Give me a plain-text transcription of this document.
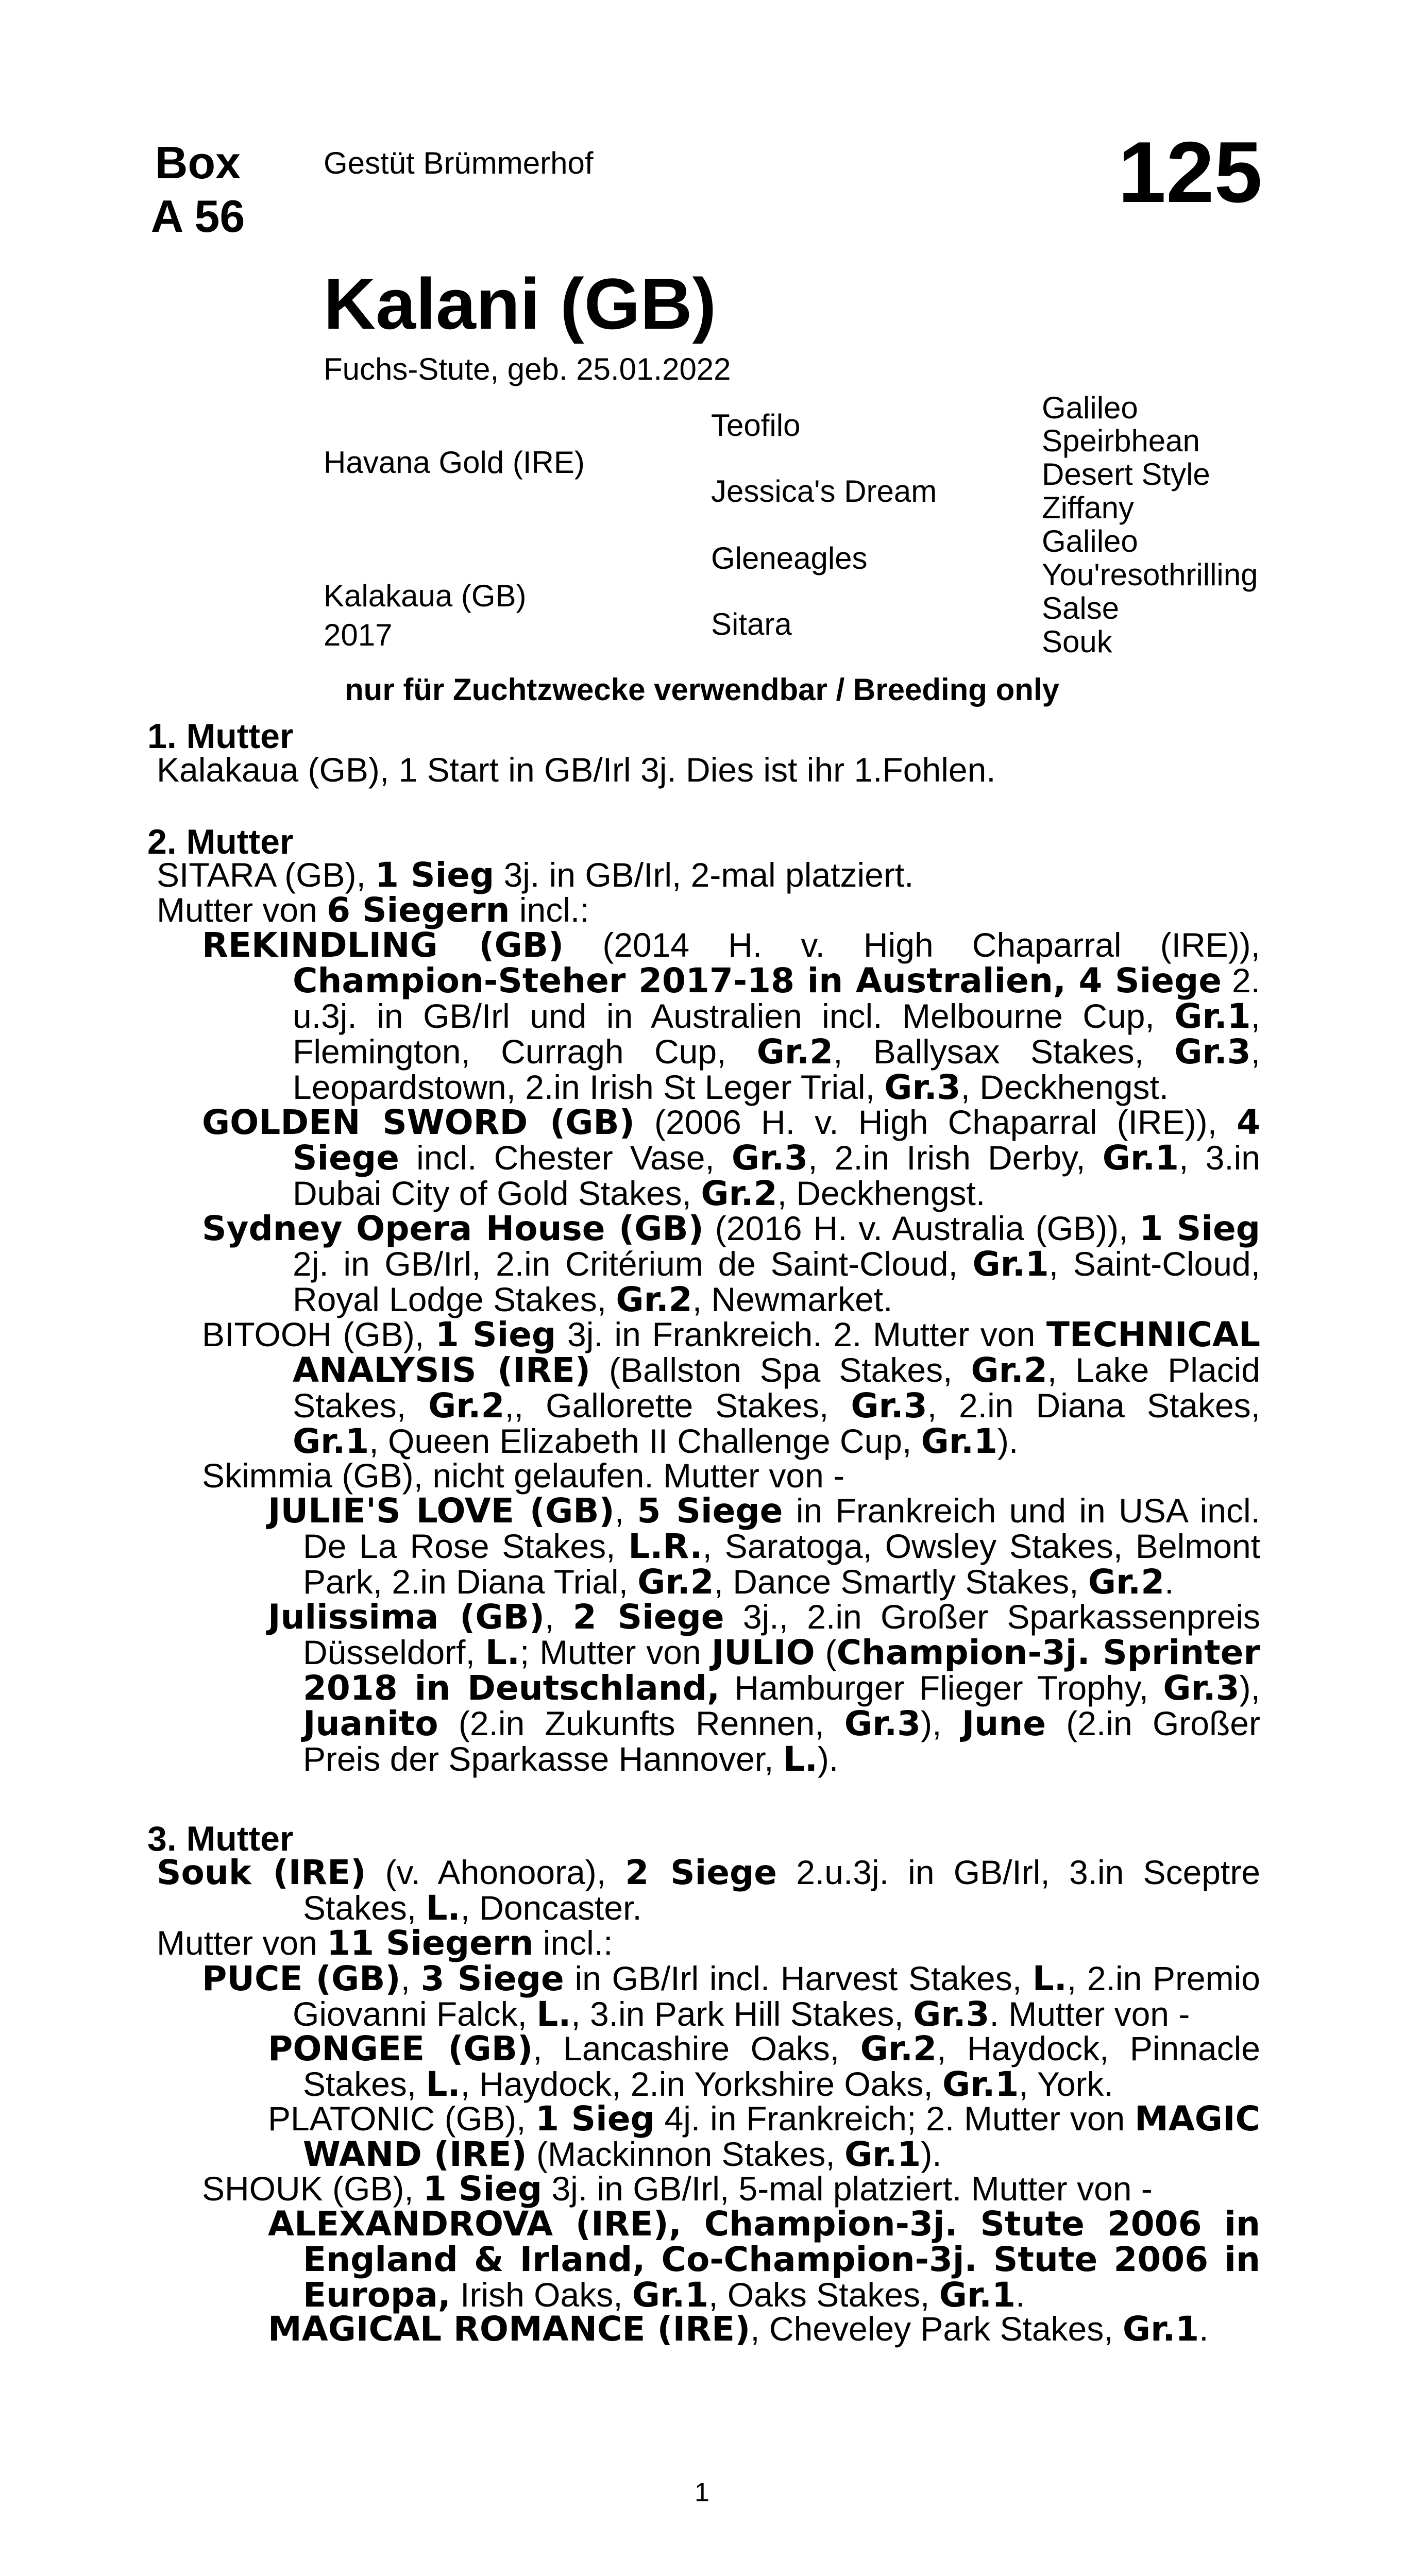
Box
A 56
Gestüt Brümmerhof	125
Kalani (GB)
Fuchs-Stute, geb. 25.01.2022
Havana Gold (IRE)
Kalakaua (GB)
2017
Teofilo
Jessica's Dream
Gleneagles
Sitara
Galileo
Speirbhean
Desert Style
Ziffany
Galileo
You'resothrilling
Salse
Souk
nur für Zuchtzwecke verwendbar / Breeding only
1. Mutter
Kalakaua (GB), 1 Start in GB/Irl 3j. Dies ist ihr 1.Fohlen.
2. Mutter
SITARA (GB), 1 Sieg 3j. in GB/Irl, 2-mal platziert.
Mutter von 6 Siegern incl.:

REKINDLING (GB) (2014 H. v. High Chaparral (IRE)), Champion-Steher 2017-18 in Australien, 4 Siege 2. u.3j. in GB/Irl und in Australien incl. Melbourne Cup, Gr.1, Flemington, Curragh Cup, Gr.2, Ballysax Stakes, Gr.3, Leopardstown, 2.in Irish St Leger Trial, Gr.3, Deckhengst.

GOLDEN SWORD (GB) (2006 H. v. High Chaparral (IRE)), 4 Siege incl. Chester Vase, Gr.3, 2.in Irish Derby, Gr.1, 3.in Dubai City of Gold Stakes, Gr.2, Deckhengst.

Sydney Opera House (GB) (2016 H. v. Australia (GB)), 1 Sieg 2j. in GB/Irl, 2.in Critérium de Saint-Cloud, Gr.1, Saint-Cloud, Royal Lodge Stakes, Gr.2, Newmarket.

BITOOH (GB), 1 Sieg 3j. in Frankreich. 2. Mutter von TECHNICAL ANALYSIS (IRE) (Ballston Spa Stakes, Gr.2, Lake Placid Stakes, Gr.2,, Gallorette Stakes, Gr.3, 2.in Diana Stakes, Gr.1, Queen Elizabeth II Challenge Cup, Gr.1).

Skimmia (GB), nicht gelaufen. Mutter von -

JULIE'S LOVE (GB), 5 Siege in Frankreich und in USA incl. De La Rose Stakes, L.R., Saratoga, Owsley Stakes, Belmont Park, 2.in Diana Trial, Gr.2, Dance Smartly Stakes, Gr.2.

Julissima (GB), 2 Siege 3j., 2.in Großer Sparkassenpreis Düsseldorf, L.; Mutter von JULIO (Champion-3j. Sprinter 2018 in Deutschland, Hamburger Flieger Trophy, Gr.3), Juanito (2.in Zukunfts Rennen, Gr.3), June (2.in Großer Preis der Sparkasse Hannover, L.).

3. Mutter

Souk (IRE) (v. Ahonoora), 2 Siege 2.u.3j. in GB/Irl, 3.in Sceptre Stakes, L., Doncaster.

Mutter von 11 Siegern incl.:

PUCE (GB), 3 Siege in GB/Irl incl. Harvest Stakes, L., 2.in Premio Giovanni Falck, L., 3.in Park Hill Stakes, Gr.3. Mutter von -

PONGEE (GB), Lancashire Oaks, Gr.2, Haydock, Pinnacle Stakes, L., Haydock, 2.in Yorkshire Oaks, Gr.1, York.

PLATONIC (GB), 1 Sieg 4j. in Frankreich; 2. Mutter von MAGIC WAND (IRE) (Mackinnon Stakes, Gr.1).

SHOUK (GB), 1 Sieg 3j. in GB/Irl, 5-mal platziert. Mutter von -

ALEXANDROVA (IRE), Champion-3j. Stute 2006 in England & Irland, Co-Champion-3j. Stute 2006 in Europa, Irish Oaks, Gr.1, Oaks Stakes, Gr.1.

MAGICAL ROMANCE (IRE), Cheveley Park Stakes, Gr.1.
1
